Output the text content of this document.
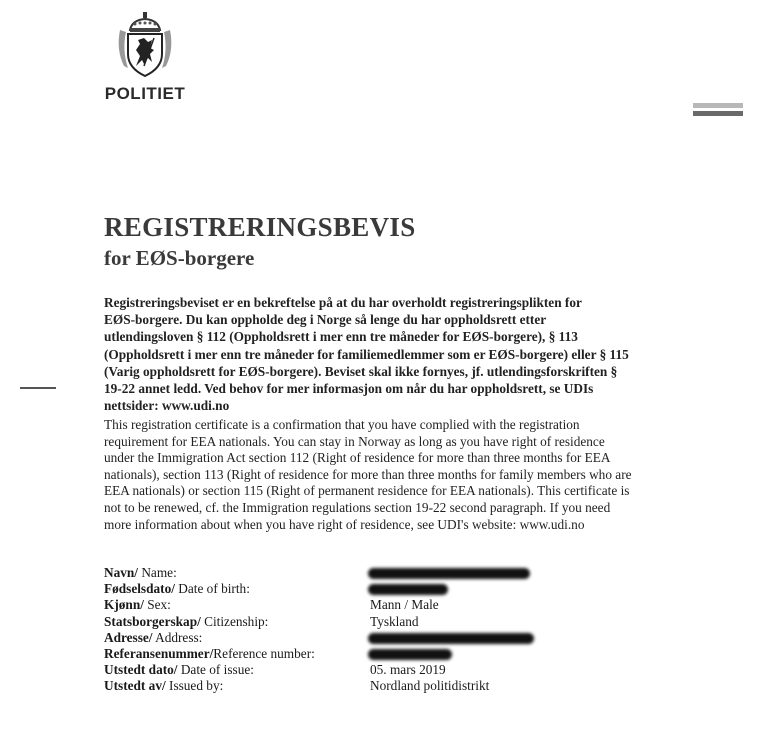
POLITIET
REGISTRERINGSBEVIS
for EØS-borgere
Registreringsbeviset er en bekreftelse på at du har overholdt registreringsplikten for
EØS-borgere. Du kan oppholde deg i Norge så lenge du har oppholdsrett etter
utlendingsloven § 112 (Oppholdsrett i mer enn tre måneder for EØS-borgere), § 113
(Oppholdsrett i mer enn tre måneder for familiemedlemmer som er EØS-borgere) eller § 115
(Varig oppholdsrett for EØS-borgere). Beviset skal ikke fornyes, jf. utlendingsforskriften §
19-22 annet ledd. Ved behov for mer informasjon om når du har oppholdsrett, se UDIs
nettsider: www.udi.no
This registration certificate is a confirmation that you have complied with the registration
requirement for EEA nationals. You can stay in Norway as long as you have right of residence
under the Immigration Act section 112 (Right of residence for more than three months for EEA
nationals), section 113 (Right of residence for more than three months for family members who are
EEA nationals) or section 115 (Right of permanent residence for EEA nationals). This certificate is
not to be renewed, cf. the Immigration regulations section 19-22 second paragraph. If you need
more information about when you have right of residence, see UDI's website: www.udi.no
Navn/ Name:
Fødselsdato/ Date of birth:
Kjønn/ Sex:	Mann / Male
Statsborgerskap/ Citizenship:	Tyskland
Adresse/ Address:
Referansenummer/Reference number:
Utstedt dato/ Date of issue:	05. mars 2019
Utstedt av/ Issued by:	Nordland politidistrikt
